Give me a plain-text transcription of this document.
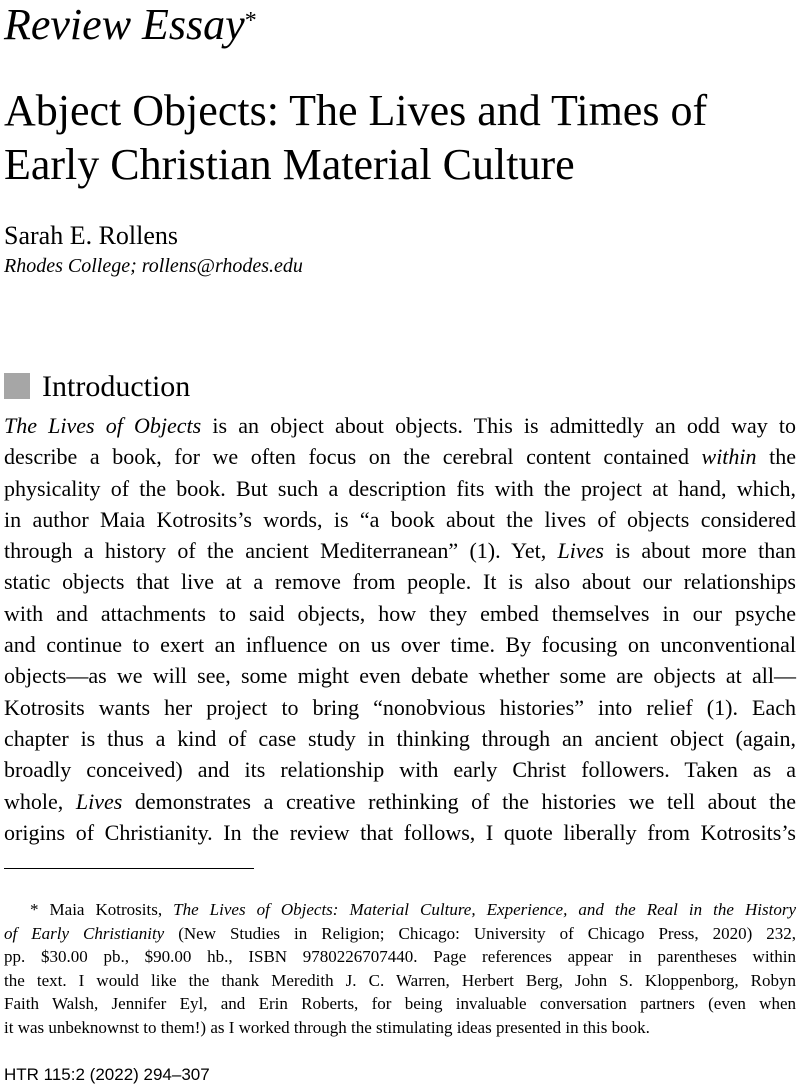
Review Essay*
Abject Objects: The Lives and Times of
Early Christian Material Culture
Sarah E. Rollens
Rhodes College; rollens@rhodes.edu
Introduction
The Lives of Objects is an object about objects. This is admittedly an odd way to
describe a book, for we often focus on the cerebral content contained within the
physicality of the book. But such a description fits with the project at hand, which,
in author Maia Kotrosits’s words, is “a book about the lives of objects considered
through a history of the ancient Mediterranean” (1). Yet, Lives is about more than
static objects that live at a remove from people. It is also about our relationships
with and attachments to said objects, how they embed themselves in our psyche
and continue to exert an influence on us over time. By focusing on unconventional
objects—as we will see, some might even debate whether some are objects at all—
Kotrosits wants her project to bring “nonobvious histories” into relief (1). Each
chapter is thus a kind of case study in thinking through an ancient object (again,
broadly conceived) and its relationship with early Christ followers. Taken as a
whole, Lives demonstrates a creative rethinking of the histories we tell about the
origins of Christianity. In the review that follows, I quote liberally from Kotrosits’s
* Maia Kotrosits, The Lives of Objects: Material Culture, Experience, and the Real in the History
of Early Christianity (New Studies in Religion; Chicago: University of Chicago Press, 2020) 232,
pp. $30.00 pb., $90.00 hb., ISBN 9780226707440. Page references appear in parentheses within
the text. I would like the thank Meredith J. C. Warren, Herbert Berg, John S. Kloppenborg, Robyn
Faith Walsh, Jennifer Eyl, and Erin Roberts, for being invaluable conversation partners (even when
it was unbeknownst to them!) as I worked through the stimulating ideas presented in this book.
HTR 115:2 (2022) 294–307
